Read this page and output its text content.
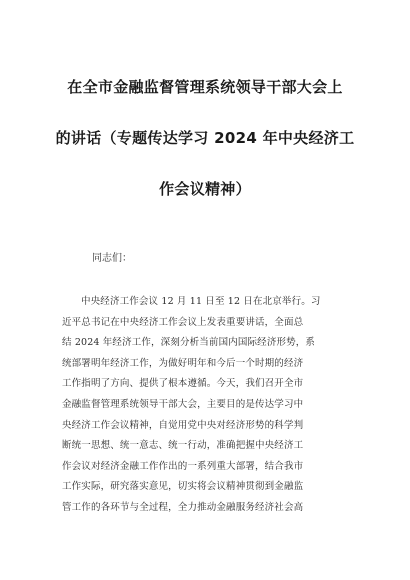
在全市金融监督管理系统领导干部大会上
的讲话（专题传达学习 2024 年中央经济工
作会议精神）

同志们：

中央经济工作会议 12 月 11 日至 12 日在北京举行。习
近平总书记在中央经济工作会议上发表重要讲话，全面总
结 2024 年经济工作，深刻分析当前国内国际经济形势，系
统部署明年经济工作，为做好明年和今后一个时期的经济
工作指明了方向、提供了根本遵循。今天，我们召开全市
金融监督管理系统领导干部大会，主要目的是传达学习中
央经济工作会议精神，自觉用党中央对经济形势的科学判
断统一思想、统一意志、统一行动，准确把握中央经济工
作会议对经济金融工作作出的一系列重大部署，结合我市
工作实际，研究落实意见，切实将会议精神贯彻到金融监
管工作的各环节与全过程，全力推动金融服务经济社会高
